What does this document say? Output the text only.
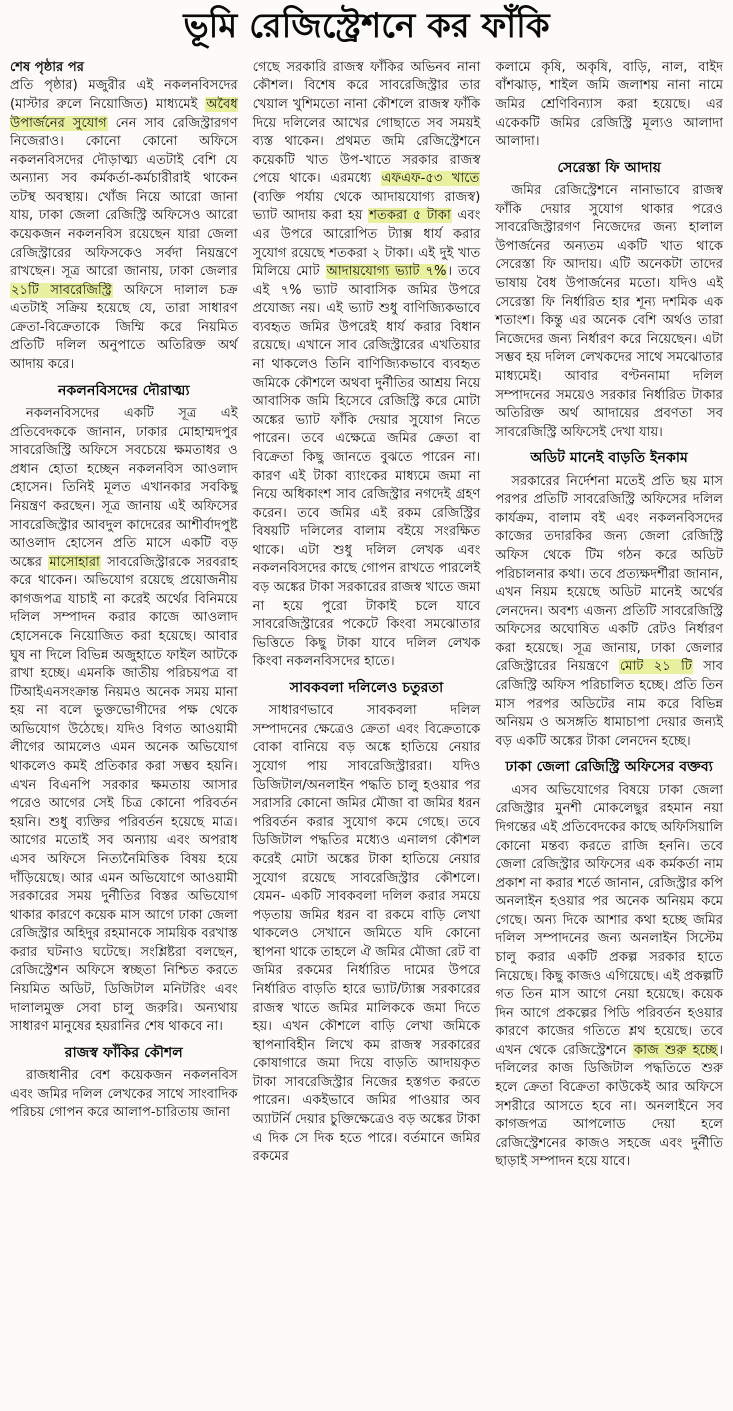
ভূমি রেজিস্ট্রেশনে কর ফাঁকি

শেষ পৃষ্ঠার পর
প্রতি পৃষ্ঠার) মজুরীর এই নকলনবিসদের (মাস্টার রুলে নিয়োজিত) মাধ্যমেই অবৈধ উপার্জনের সুযোগ নেন সাব রেজিস্ট্রারগণ নিজেরাও। কোনো কোনো অফিসে নকলনবিসদের দৌড়াত্ম্য এতটাই বেশি যে অন্যান্য সব কর্মকর্তা-কর্মচারীরাই থাকেন তটস্থ অবস্থায়। খোঁজ নিয়ে আরো জানা যায়, ঢাকা জেলা রেজিস্ট্রি অফিসেও আরো কয়েকজন নকলনবিস রয়েছেন যারা জেলা রেজিস্ট্রারের অফিসকেও সর্বদা নিয়ন্ত্রণে রাখছেন। সূত্র আরো জানায়, ঢাকা জেলার ২১টি সাবরেজিস্ট্রি অফিসে দালাল চক্র এতটাই সক্রিয় হয়েছে যে, তারা সাধারণ ক্রেতা-বিক্রেতাকে জিম্মি করে নিয়মিত প্রতিটি দলিল অনুপাতে অতিরিক্ত অর্থ আদায় করে।

নকলনবিসদের দৌরাত্ম্য

নকলনবিসদের একটি সূত্র এই প্রতিবেদককে জানান, ঢাকার মোহাম্মদপুর সাবরেজিস্ট্রি অফিসে সবচেয়ে ক্ষমতাধর ও প্রধান হোতা হচ্ছেন নকলনবিস আওলাদ হোসেন। তিনিই মূলত এখানকার সবকিছু নিয়ন্ত্রণ করছেন। সূত্র জানায় এই অফিসের সাবরেজিস্ট্রার আবদুল কাদেরের আশীর্বাদপুষ্ট আওলাদ হোসেন প্রতি মাসে একটি বড় অঙ্কের মাসোহারা সাবরেজিস্ট্রারকে সরবরাহ করে থাকেন। অভিযোগ রয়েছে প্রয়োজনীয় কাগজপত্র যাচাই না করেই অর্থের বিনিময়ে দলিল সম্পাদন করার কাজে আওলাদ হোসেনকে নিয়োজিত করা হয়েছে। আবার ঘুষ না দিলে বিভিন্ন অজুহাতে ফাইল আটকে রাখা হচ্ছে। এমনকি জাতীয় পরিচয়পত্র বা টিআইএনসংক্রান্ত নিয়মও অনেক সময় মানা হয় না বলে ভুক্তভোগীদের পক্ষ থেকে অভিযোগ উঠেছে। যদিও বিগত আওয়ামী লীগের আমলেও এমন অনেক অভিযোগ থাকলেও কমই প্রতিকার করা সম্ভব হয়নি। এখন বিএনপি সরকার ক্ষমতায় আসার পরেও আগের সেই চিত্র কোনো পরিবর্তন হয়নি। শুধু ব্যক্তির পরিবর্তন হয়েছে মাত্র। আগের মতোই সব অন্যায় এবং অপরাধ এসব অফিসে নিত্যনৈমিত্তিক বিষয় হয়ে দাঁড়িয়েছে। আর এমন অভিযোগে আওয়ামী সরকারের সময় দুর্নীতির বিস্তর অভিযোগ থাকার কারণে কয়েক মাস আগে ঢাকা জেলা রেজিস্ট্রার অহিদুর রহমানকে সাময়িক বরখাস্ত করার ঘটনাও ঘটেছে। সংশ্লিষ্টরা বলছেন, রেজিস্ট্রেশন অফিসে স্বচ্ছতা নিশ্চিত করতে নিয়মিত অডিট, ডিজিটাল মনিটরিং এবং দালালমুক্ত সেবা চালু জরুরি। অন্যথায় সাধারণ মানুষের হয়রানির শেষ থাকবে না।

রাজস্ব ফাঁকির কৌশল

রাজধানীর বেশ কয়েকজন নকলনবিস এবং জমির দলিল লেখকের সাথে সাংবাদিক পরিচয় গোপন করে আলাপ-চারিতায় জানা

গেছে সরকারি রাজস্ব ফাঁকির অভিনব নানা কৌশল। বিশেষ করে সাবরেজিস্ট্রার তার খেয়াল খুশিমতো নানা কৌশলে রাজস্ব ফাঁকি দিয়ে দলিলের আখের গোছাতে সব সময়ই ব্যস্ত থাকেন। প্রথমত জমি রেজিস্ট্রেশনে কয়েকটি খাত উপ-খাতে সরকার রাজস্ব পেয়ে থাকে। এরমধ্যে এফএফ-৫৩ খাতে (ব্যক্তি পর্যায় থেকে আদায়যোগ্য রাজস্ব) ভ্যাট আদায় করা হয় শতকরা ৫ টাকা এবং এর উপরে আরোপিত ট্যাক্স ধার্য করার সুযোগ রয়েছে শতকরা ২ টাকা। এই দুই খাত মিলিয়ে মোট আদায়যোগ্য ভ্যাট ৭%। তবে এই ৭% ভ্যাট আবাসিক জমির উপরে প্রযোজ্য নয়। এই ভ্যাট শুধু বাণিজ্যিকভাবে ব্যবহৃত জমির উপরেই ধার্য করার বিধান রয়েছে। এখানে সাব রেজিস্ট্রারের এখতিয়ার না থাকলেও তিনি বাণিজ্যিকভাবে ব্যবহৃত জমিকে কৌশলে অথবা দুর্নীতির আশ্রয় নিয়ে আবাসিক জমি হিসেবে রেজিস্ট্রি করে মোটা অঙ্কের ভ্যাট ফাঁকি দেয়ার সুযোগ নিতে পারেন। তবে এক্ষেত্রে জমির ক্রেতা বা বিক্রেতা কিছু জানতে বুঝতে পারেন না। কারণ এই টাকা ব্যাংকের মাধ্যমে জমা না নিয়ে অধিকাংশ সাব রেজিস্ট্রার নগদেই গ্রহণ করেন। তবে জমির এই রকম রেজিস্ট্রির বিষয়টি দলিলের বালাম বইয়ে সংরক্ষিত থাকে। এটা শুধু দলিল লেখক এবং নকলনবিসদের কাছে গোপন রাখতে পারলেই বড় অঙ্কের টাকা সরকারের রাজস্ব খাতে জমা না হয়ে পুরো টাকাই চলে যাবে সাবরেজিস্ট্রারের পকেটে কিংবা সমঝোতার ভিত্তিতে কিছু টাকা যাবে দলিল লেখক কিংবা নকলনবিসদের হাতে।

সাবকবলা দলিলেও চতুরতা

সাধারণভাবে সাবকবলা দলিল সম্পাদনের ক্ষেত্রেও ক্রেতা এবং বিক্রেতাকে বোকা বানিয়ে বড় অঙ্কে হাতিয়ে নেয়ার সুযোগ পায় সাবরেজিস্ট্রাররা। যদিও ডিজিটাল/অনলাইন পদ্ধতি চালু হওয়ার পর সরাসরি কোনো জমির মৌজা বা জমির ধরন পরিবর্তন করার সুযোগ কমে গেছে। তবে ডিজিটাল পদ্ধতির মধ্যেও এনালগ কৌশল করেই মোটা অঙ্কের টাকা হাতিয়ে নেয়ার সুযোগ রয়েছে সাবরেজিস্ট্রার কৌশলে। যেমন- একটি সাবকবলা দলিল করার সময়ে পড়তায় জমির ধরন বা রকমে বাড়ি লেখা থাকলেও সেখানে জমিতে যদি কোনো স্থাপনা থাকে তাহলে ঐ জমির মৌজা রেট বা জমির রকমের নির্ধারিত দামের উপরে নির্ধারিত বাড়তি হারে ভ্যাট/ট্যাক্স সরকারের রাজস্ব খাতে জমির মালিককে জমা দিতে হয়। এখন কৌশলে বাড়ি লেখা জমিকে স্থাপনাবিহীন লিখে কম রাজস্ব সরকারের কোষাগারে জমা দিয়ে বাড়তি আদায়কৃত টাকা সাবরেজিস্ট্রার নিজের হস্তগত করতে পারেন। একইভাবে জমির পাওয়ার অব অ্যাটর্নি দেয়ার চুক্তিক্ষেত্রেও বড় অঙ্কের টাকা এ দিক সে দিক হতে পারে। বর্তমানে জমির রকমের

কলামে কৃষি, অকৃষি, বাড়ি, নাল, বাইদ বাঁশঝাড়, শাইল জমি জলাশয় নানা নামে জমির শ্রেণিবিন্যাস করা হয়েছে। এর একেকটি জমির রেজিস্ট্রি মূল্যও আলাদা আলাদা।

সেরেস্তা ফি আদায়

জমির রেজিস্ট্রেশনে নানাভাবে রাজস্ব ফাঁকি দেয়ার সুযোগ থাকার পরেও সাবরেজিস্ট্রারগণ নিজেদের জন্য হালাল উপার্জনের অন্যতম একটি খাত থাকে সেরেস্তা ফি আদায়। এটি অনেকটা তাদের ভাষায় বৈধ উপার্জনের মতো। যদিও এই সেরেস্তা ফি নির্ধারিত হার শূন্য দশমিক এক শতাংশ। কিন্তু এর অনেক বেশি অর্থও তারা নিজেদের জন্য নির্ধারণ করে নিয়েছেন। এটা সম্ভব হয় দলিল লেখকদের সাথে সমঝোতার মাধ্যমেই। আবার বণ্টননামা দলিল সম্পাদনের সময়েও সরকার নির্ধারিত টাকার অতিরিক্ত অর্থ আদায়ের প্রবণতা সব সাবরেজিস্ট্রি অফিসেই দেখা যায়।

অডিট মানেই বাড়তি ইনকাম

সরকারের নির্দেশনা মতেই প্রতি ছয় মাস পরপর প্রতিটি সাবরেজিস্ট্রি অফিসের দলিল কার্যক্রম, বালাম বই এবং নকলনবিসদের কাজের তদারকির জন্য জেলা রেজিস্ট্রি অফিস থেকে টিম গঠন করে অডিট পরিচালনার কথা। তবে প্রত্যক্ষদর্শীরা জানান, এখন নিয়ম হয়েছে অডিট মানেই অর্থের লেনদেন। অবশ্য এজন্য প্রতিটি সাবরেজিস্ট্রি অফিসের অঘোষিত একটি রেটও নির্ধারণ করা হয়েছে। সূত্র জানায়, ঢাকা জেলার রেজিস্ট্রারের নিয়ন্ত্রণে মোট ২১ টি সাব রেজিস্ট্রি অফিস পরিচালিত হচ্ছে। প্রতি তিন মাস পরপর অডিটের নাম করে বিভিন্ন অনিয়ম ও অসঙ্গতি ধামাচাপা দেয়ার জন্যই বড় একটি অঙ্কের টাকা লেনদেন হচ্ছে।

ঢাকা জেলা রেজিস্ট্রি অফিসের বক্তব্য

এসব অভিযোগের বিষয়ে ঢাকা জেলা রেজিস্ট্রার মুনশী মোকলেছুর রহমান নয়া দিগন্তের এই প্রতিবেদকের কাছে অফিসিয়ালি কোনো মন্তব্য করতে রাজি হননি। তবে জেলা রেজিস্ট্রার অফিসের এক কর্মকর্তা নাম প্রকাশ না করার শর্তে জানান, রেজিস্ট্রার কপি অনলাইন হওয়ার পর অনেক অনিয়ম কমে গেছে। অন্য দিকে আশার কথা হচ্ছে জমির দলিল সম্পাদনের জন্য অনলাইন সিস্টেম চালু করার একটি প্রকল্প সরকার হাতে নিয়েছে। কিছু কাজও এগিয়েছে। এই প্রকল্পটি গত তিন মাস আগে নেয়া হয়েছে। কয়েক দিন আগে প্রকল্পের পিডি পরিবর্তন হওয়ার কারণে কাজের গতিতে শ্লথ হয়েছে। তবে এখন থেকে রেজিস্ট্রেশনে কাজ শুরু হচ্ছে। দলিলের কাজ ডিজিটাল পদ্ধতিতে শুরু হলে ক্রেতা বিক্রেতা কাউকেই আর অফিসে সশরীরে আসতে হবে না। অনলাইনে সব কাগজপত্র আপলোড দেয়া হলে রেজিস্ট্রেশনের কাজও সহজে এবং দুর্নীতি ছাড়াই সম্পাদন হয়ে যাবে।
